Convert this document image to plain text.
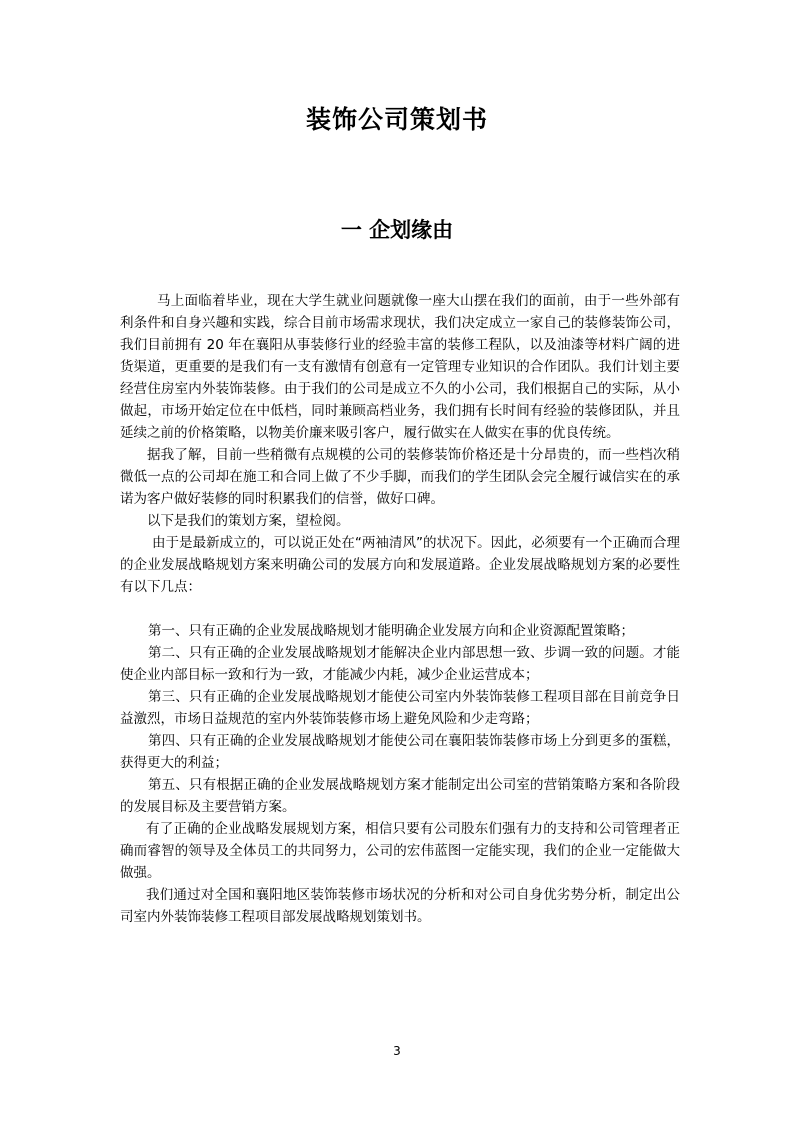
装饰公司策划书
一 企划缘由

马上面临着毕业，现在大学生就业问题就像一座大山摆在我们的面前，由于一些外部有利条件和自身兴趣和实践，综合目前市场需求现状，我们决定成立一家自己的装修装饰公司，我们目前拥有 20 年在襄阳从事装修行业的经验丰富的装修工程队，以及油漆等材料广阔的进货渠道，更重要的是我们有一支有激情有创意有一定管理专业知识的合作团队。我们计划主要经营住房室内外装饰装修。由于我们的公司是成立不久的小公司，我们根据自己的实际，从小做起，市场开始定位在中低档，同时兼顾高档业务，我们拥有长时间有经验的装修团队，并且延续之前的价格策略，以物美价廉来吸引客户，履行做实在人做实在事的优良传统。

据我了解，目前一些稍微有点规模的公司的装修装饰价格还是十分昂贵的，而一些档次稍微低一点的公司却在施工和合同上做了不少手脚，而我们的学生团队会完全履行诚信实在的承诺为客户做好装修的同时积累我们的信誉，做好口碑。

以下是我们的策划方案，望检阅。

由于是最新成立的，可以说正处在“两袖清风”的状况下。因此，必须要有一个正确而合理的企业发展战略规划方案来明确公司的发展方向和发展道路。企业发展战略规划方案的必要性有以下几点：

第一、只有正确的企业发展战略规划才能明确企业发展方向和企业资源配置策略；

第二、只有正确的企业发展战略规划才能解决企业内部思想一致、步调一致的问题。才能使企业内部目标一致和行为一致，才能减少内耗，减少企业运营成本；

第三、只有正确的企业发展战略规划才能使公司室内外装饰装修工程项目部在目前竞争日益激烈，市场日益规范的室内外装饰装修市场上避免风险和少走弯路；

第四、只有正确的企业发展战略规划才能使公司在襄阳装饰装修市场上分到更多的蛋糕，获得更大的利益；

第五、只有根据正确的企业发展战略规划方案才能制定出公司室的营销策略方案和各阶段的发展目标及主要营销方案。

有了正确的企业战略发展规划方案，相信只要有公司股东们强有力的支持和公司管理者正确而睿智的领导及全体员工的共同努力，公司的宏伟蓝图一定能实现，我们的企业一定能做大做强。

我们通过对全国和襄阳地区装饰装修市场状况的分析和对公司自身优劣势分析，制定出公司室内外装饰装修工程项目部发展战略规划策划书。

3
